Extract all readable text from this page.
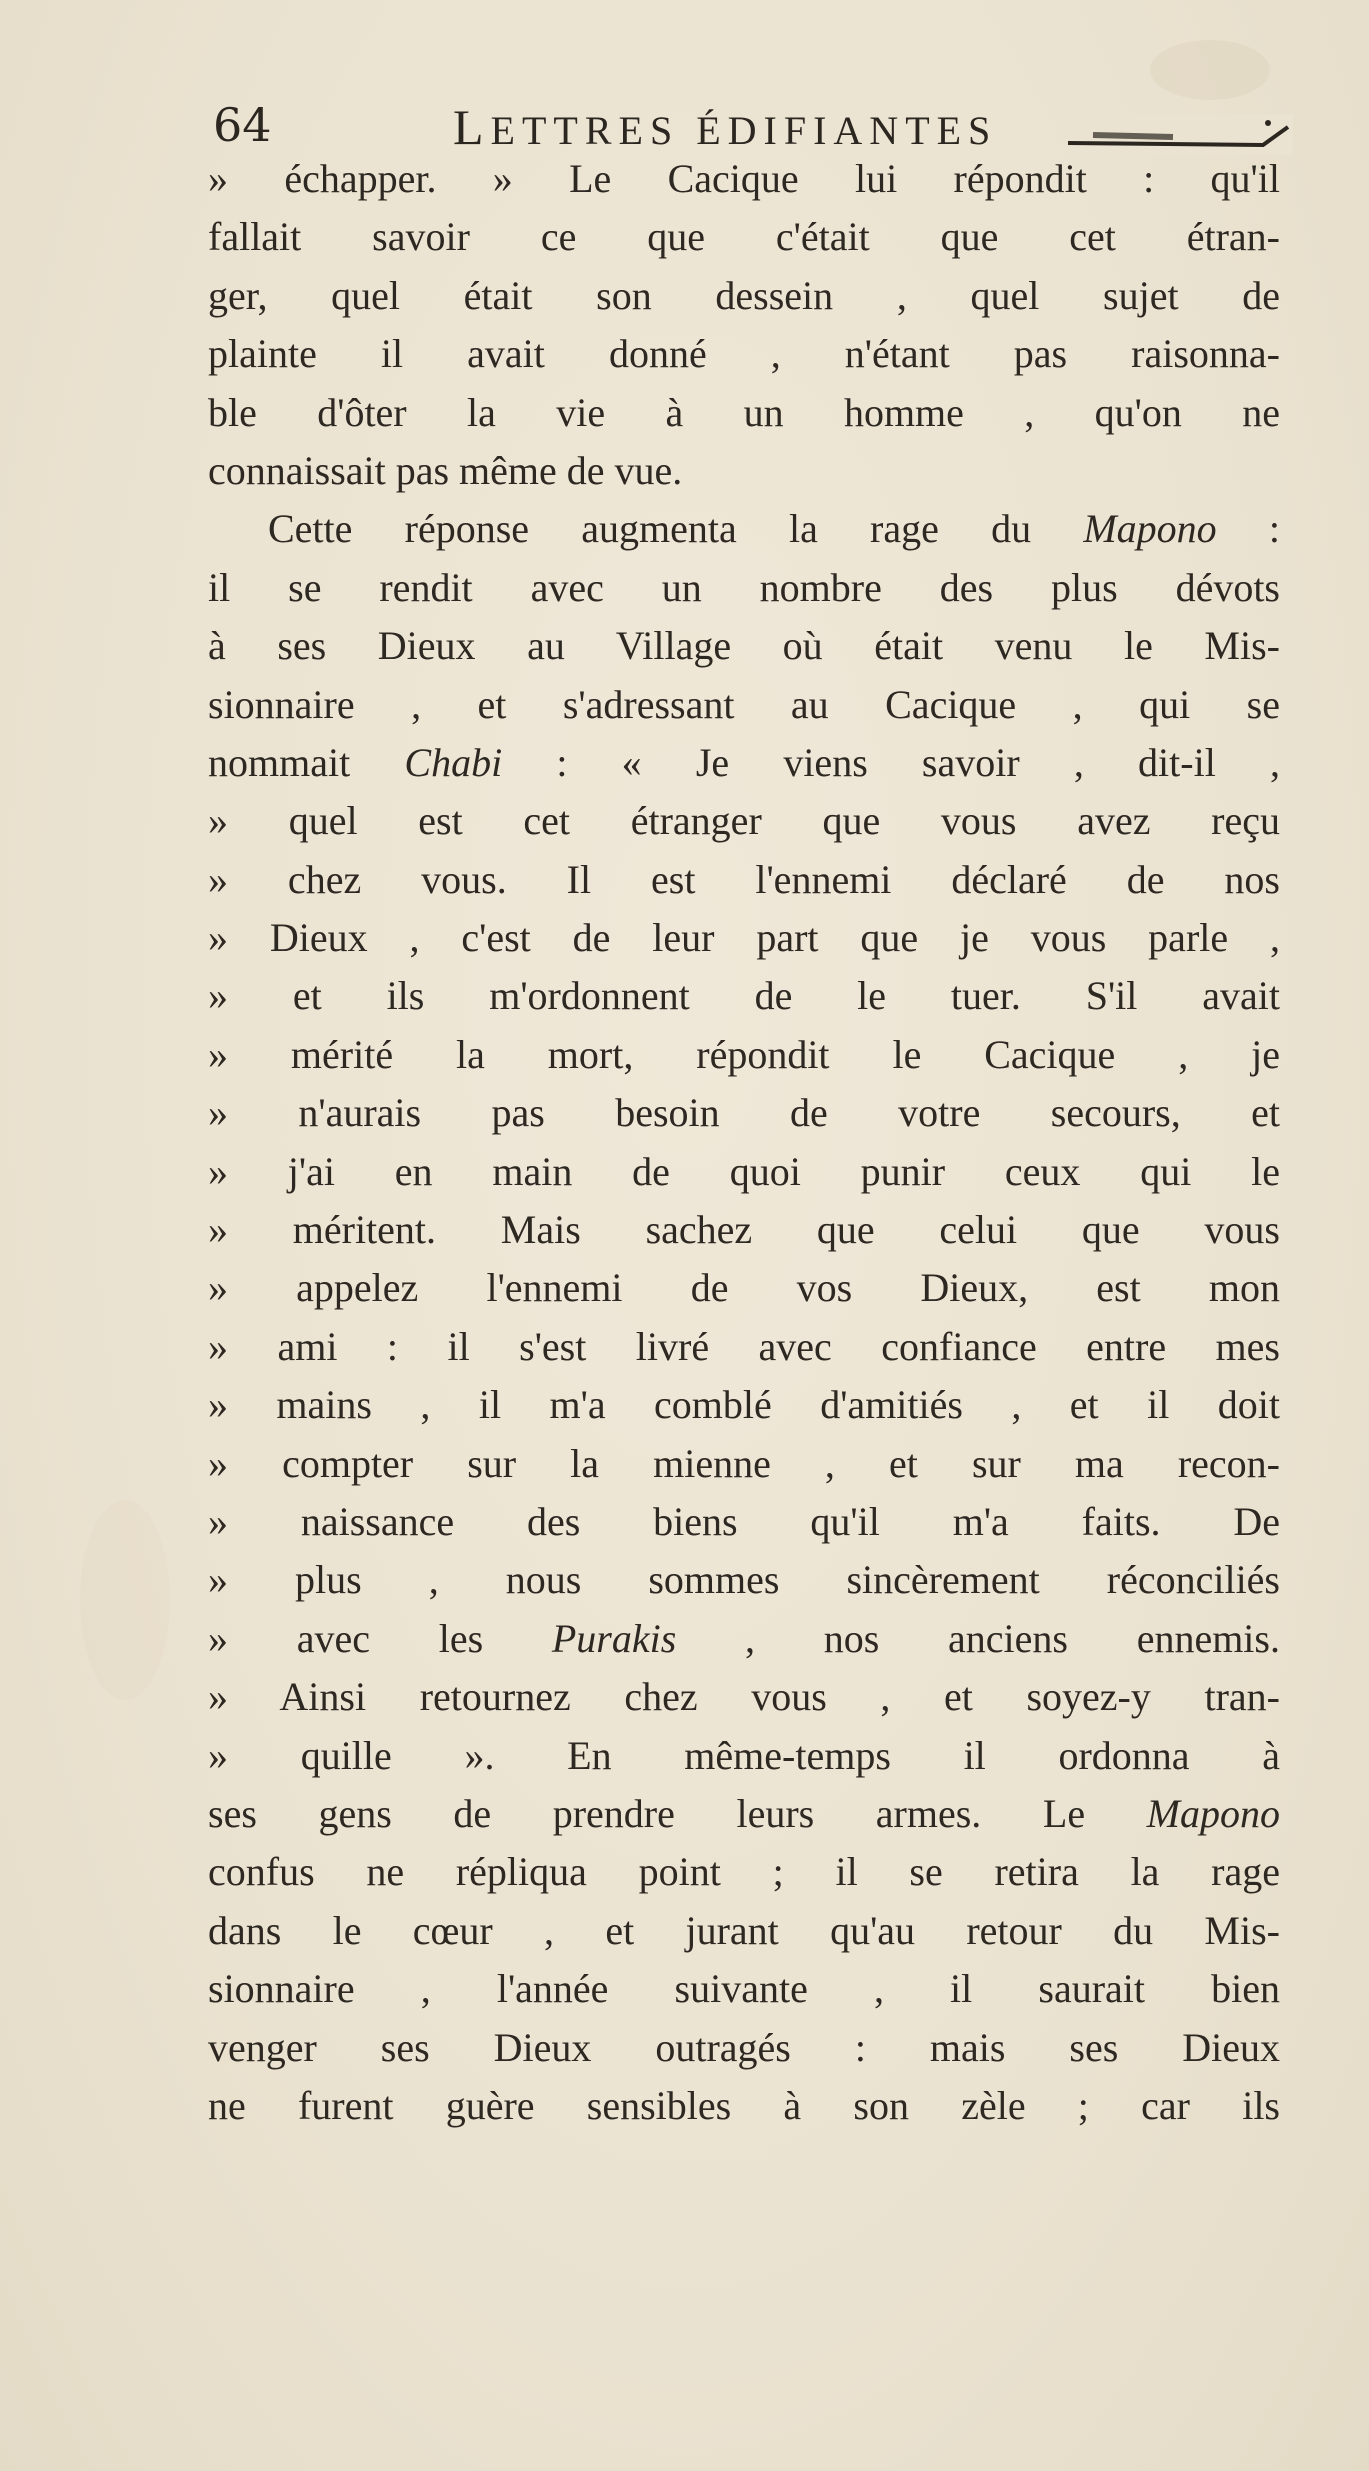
64	LETTRES ÉDIFIANTES
» échapper. » Le Cacique lui répondit : qu'il
fallait savoir ce que c'était que cet étran-
ger, quel était son dessein , quel sujet de
plainte il avait donné , n'étant pas raisonna-
ble d'ôter la vie à un homme , qu'on ne
connaissait pas même de vue.
Cette réponse augmenta la rage du Mapono :
il se rendit avec un nombre des plus dévots
à ses Dieux au Village où était venu le Mis-
sionnaire , et s'adressant au Cacique , qui se
nommait Chabi : « Je viens savoir , dit-il ,
» quel est cet étranger que vous avez reçu
» chez vous. Il est l'ennemi déclaré de nos
» Dieux , c'est de leur part que je vous parle ,
» et ils m'ordonnent de le tuer. S'il avait
» mérité la mort, répondit le Cacique , je
» n'aurais pas besoin de votre secours, et
» j'ai en main de quoi punir ceux qui le
» méritent. Mais sachez que celui que vous
» appelez l'ennemi de vos Dieux, est mon
» ami : il s'est livré avec confiance entre mes
» mains , il m'a comblé d'amitiés , et il doit
» compter sur la mienne , et sur ma recon-
» naissance des biens qu'il m'a faits. De
» plus , nous sommes sincèrement réconciliés
» avec les Purakis , nos anciens ennemis.
» Ainsi retournez chez vous , et soyez-y tran-
» quille ». En même-temps il ordonna à
ses gens de prendre leurs armes. Le Mapono
confus ne répliqua point ; il se retira la rage
dans le cœur , et jurant qu'au retour du Mis-
sionnaire , l'année suivante , il saurait bien
venger ses Dieux outragés : mais ses Dieux
ne furent guère sensibles à son zèle ; car ils
